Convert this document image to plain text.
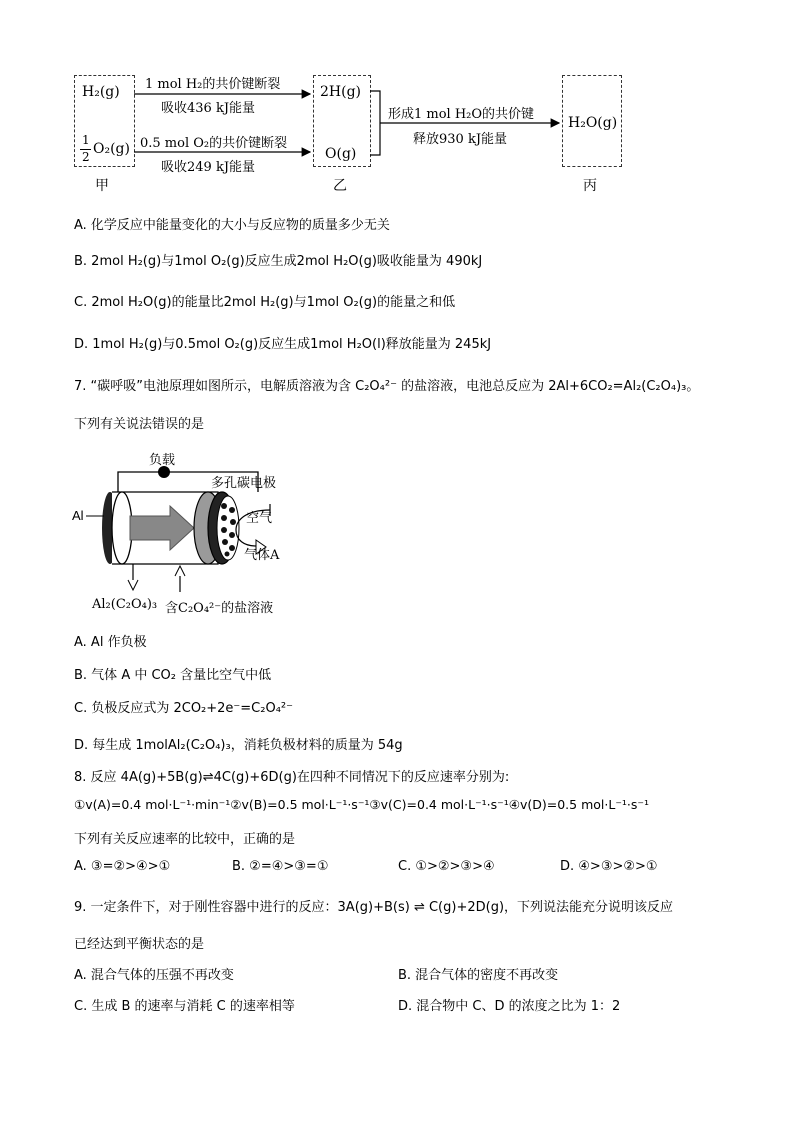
H₂(g)
1
2 O₂(g)
甲
2H(g)
O(g)
乙
H₂O(g)
丙
1 mol H₂的共价键断裂
吸收436 kJ能量
0.5 mol O₂的共价键断裂
吸收249 kJ能量
形成1 mol H₂O的共价键
释放930 kJ能量
A. 化学反应中能量变化的大小与反应物的质量多少无关
B. 2mol H₂(g)与1mol O₂(g)反应生成2mol H₂O(g)吸收能量为 490kJ
C. 2mol H₂O(g)的能量比2mol H₂(g)与1mol O₂(g)的能量之和低
D. 1mol H₂(g)与0.5mol O₂(g)反应生成1mol H₂O(l)释放能量为 245kJ
7. “碳呼吸”电池原理如图所示，电解质溶液为含 C₂O₄²⁻ 的盐溶液，电池总反应为 2Al+6CO₂=Al₂(C₂O₄)₃。
下列有关说法错误的是
负载
多孔碳电极
Al	空气
气体A
Al₂(C₂O₄)₃ 含C₂O₄²⁻的盐溶液
A. Al 作负极
B. 气体 A 中 CO₂ 含量比空气中低
C. 负极反应式为 2CO₂+2e⁻=C₂O₄²⁻
D. 每生成 1molAl₂(C₂O₄)₃，消耗负极材料的质量为 54g
8. 反应 4A(g)+5B(g)⇌4C(g)+6D(g)在四种不同情况下的反应速率分别为:
①v(A)=0.4 mol·L⁻¹·min⁻¹②v(B)=0.5 mol·L⁻¹·s⁻¹③v(C)=0.4 mol·L⁻¹·s⁻¹④v(D)=0.5 mol·L⁻¹·s⁻¹
下列有关反应速率的比较中，正确的是
A. ③=②>④>①	B. ②=④>③=①	C. ①>②>③>④	D. ④>③>②>①
9. 一定条件下，对于刚性容器中进行的反应：3A(g)+B(s) ⇌ C(g)+2D(g)，下列说法能充分说明该反应
已经达到平衡状态的是
A. 混合气体的压强不再改变	B. 混合气体的密度不再改变
C. 生成 B 的速率与消耗 C 的速率相等	D. 混合物中 C、D 的浓度之比为 1：2
